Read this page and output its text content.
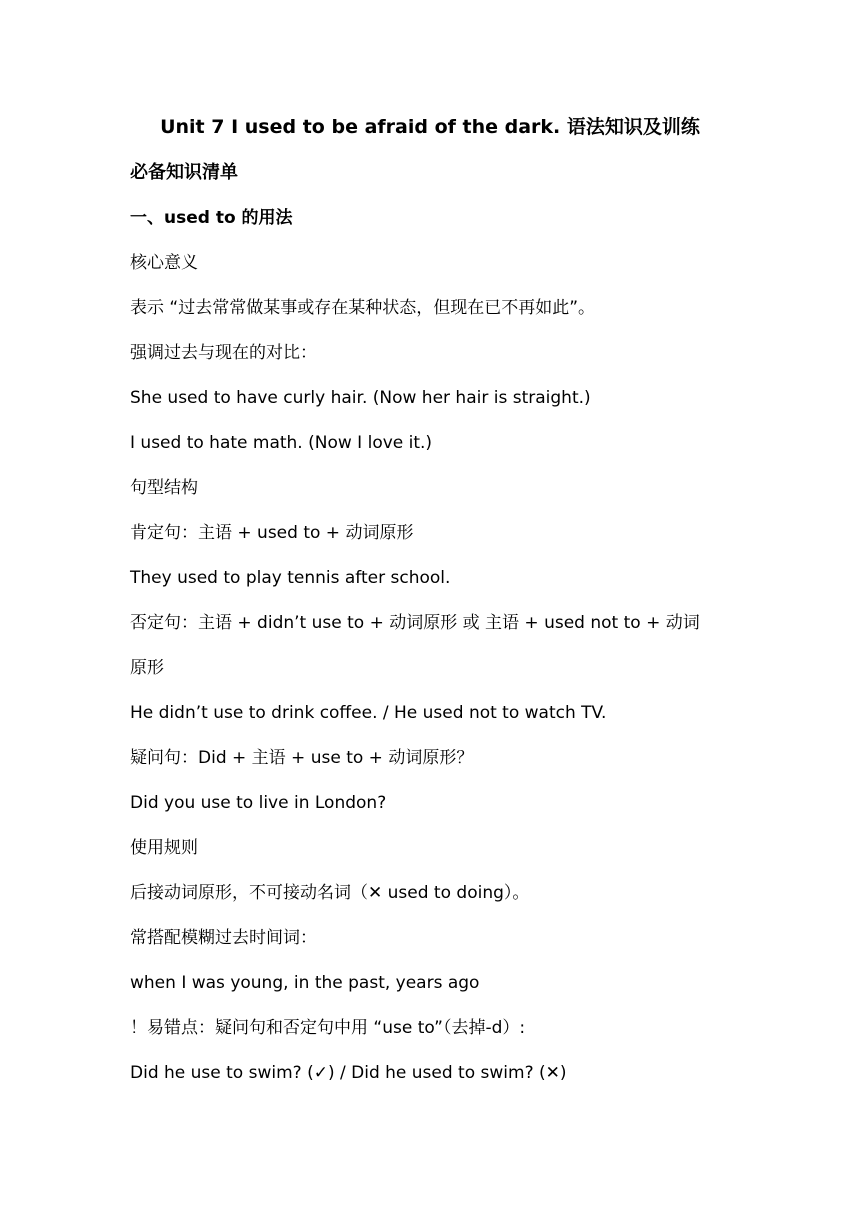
Unit 7 I used to be afraid of the dark. 语法知识及训练
必备知识清单
一、used to 的用法
核心意义
表示 “过去常常做某事或存在某种状态，但现在已不再如此”。
强调过去与现在的对比：
She used to have curly hair. (Now her hair is straight.)
I used to hate math. (Now I love it.)
句型结构
肯定句：主语 + used to + 动词原形
They used to play tennis after school.
否定句：主语 + didn’t use to + 动词原形 或 主语 + used not to + 动词
原形
He didn’t use to drink coffee. / He used not to watch TV.
疑问句：Did + 主语 + use to + 动词原形？
Did you use to live in London?
使用规则
后接动词原形，不可接动名词（✕ used to doing）。
常搭配模糊过去时间词：
when I was young, in the past, years ago
！易错点：疑问句和否定句中用 “use to”（去掉-d）:
Did he use to swim? (✓) / Did he used to swim? (✕)
